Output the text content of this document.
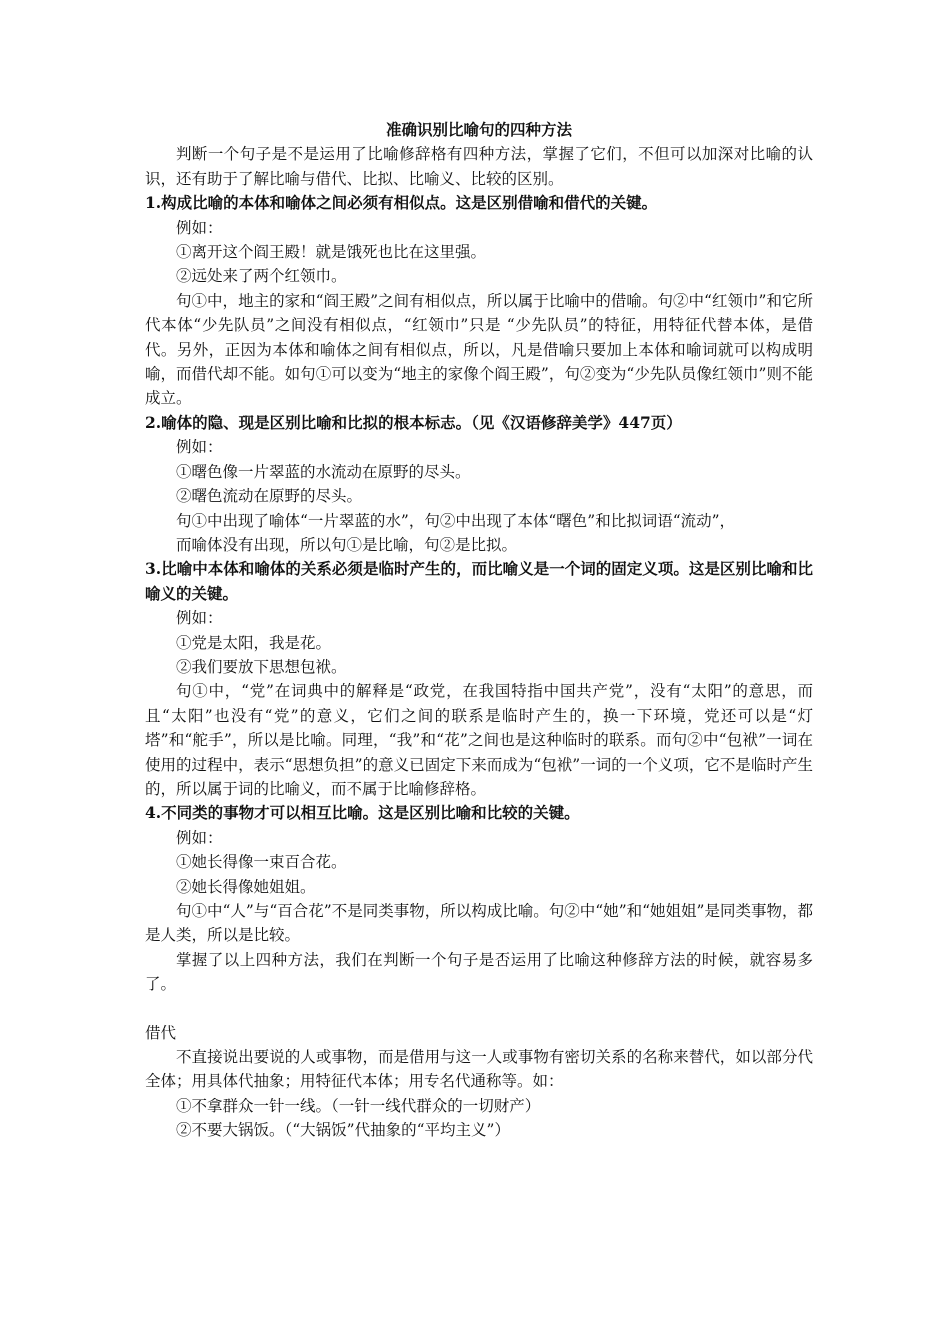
准确识别比喻句的四种方法

判断一个句子是不是运用了比喻修辞格有四种方法，掌握了它们，不但可以加深对比喻的认识，还有助于了解比喻与借代、比拟、比喻义、比较的区别。

1.构成比喻的本体和喻体之间必须有相似点。这是区别借喻和借代的关键。

例如：

①离开这个阎王殿！就是饿死也比在这里强。

②远处来了两个红领巾。

句①中，地主的家和“阎王殿”之间有相似点，所以属于比喻中的借喻。句②中“红领巾”和它所代本体“少先队员”之间没有相似点，“红领巾”只是 “少先队员”的特征，用特征代替本体，是借代。另外，正因为本体和喻体之间有相似点，所以，凡是借喻只要加上本体和喻词就可以构成明喻，而借代却不能。如句①可以变为“地主的家像个阎王殿”，句②变为“少先队员像红领巾”则不能成立。

2.喻体的隐、现是区别比喻和比拟的根本标志。（见《汉语修辞美学》447页）

例如：

①曙色像一片翠蓝的水流动在原野的尽头。

②曙色流动在原野的尽头。

句①中出现了喻体“一片翠蓝的水”，句②中出现了本体“曙色”和比拟词语“流动”，

而喻体没有出现，所以句①是比喻，句②是比拟。

3.比喻中本体和喻体的关系必须是临时产生的，而比喻义是一个词的固定义项。这是区别比喻和比喻义的关键。

例如：

①党是太阳，我是花。

②我们要放下思想包袱。

句①中，“党”在词典中的解释是“政党，在我国特指中国共产党”，没有“太阳”的意思，而且“太阳”也没有“党”的意义，它们之间的联系是临时产生的，换一下环境，党还可以是“灯塔”和“舵手”，所以是比喻。同理，“我”和“花”之间也是这种临时的联系。而句②中“包袱”一词在使用的过程中，表示“思想负担”的意义已固定下来而成为“包袱”一词的一个义项，它不是临时产生的，所以属于词的比喻义，而不属于比喻修辞格。

4.不同类的事物才可以相互比喻。这是区别比喻和比较的关键。

例如：

①她长得像一束百合花。

②她长得像她姐姐。

句①中“人”与“百合花”不是同类事物，所以构成比喻。句②中“她”和“她姐姐”是同类事物，都是人类，所以是比较。

掌握了以上四种方法，我们在判断一个句子是否运用了比喻这种修辞方法的时候，就容易多了。

借代

不直接说出要说的人或事物，而是借用与这一人或事物有密切关系的名称来替代，如以部分代全体；用具体代抽象；用特征代本体；用专名代通称等。如：

①不拿群众一针一线。（一针一线代群众的一切财产）

②不要大锅饭。（“大锅饭”代抽象的“平均主义”）
